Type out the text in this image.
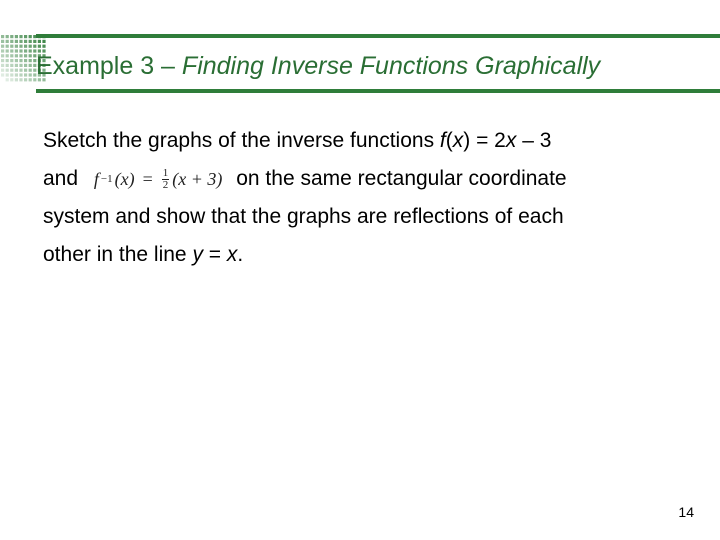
Example 3 – Finding Inverse Functions Graphically
Sketch the graphs of the inverse functions f(x) = 2x – 3
and f −1 $(x) = \frac{1}{2} (x + 3)$ on the same rectangular coordinate
system and show that the graphs are reflections of each
other in the line y = x.
14
